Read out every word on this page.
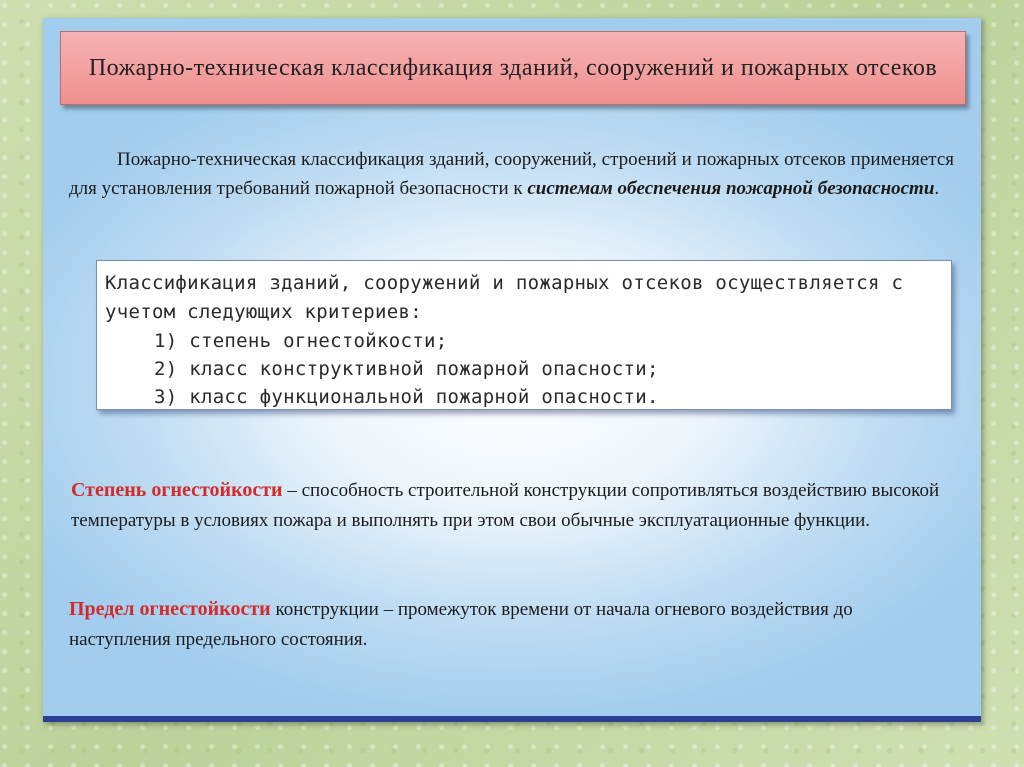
Пожарно-техническая классификация зданий, сооружений и пожарных отсеков
Пожарно-техническая классификация зданий, сооружений, строений и пожарных отсеков применяется для установления требований пожарной безопасности к системам обеспечения пожарной безопасности.
Классификация зданий, сооружений и пожарных отсеков осуществляется с учетом следующих критериев:
1) степень огнестойкости;
2) класс конструктивной пожарной опасности;
3) класс функциональной пожарной опасности.
Степень огнестойкости – способность строительной конструкции сопротивляться воздействию высокой температуры в условиях пожара и выполнять при этом свои обычные эксплуатационные функции.
Предел огнестойкости конструкции – промежуток времени от начала огневого воздействия до наступления предельного состояния.
